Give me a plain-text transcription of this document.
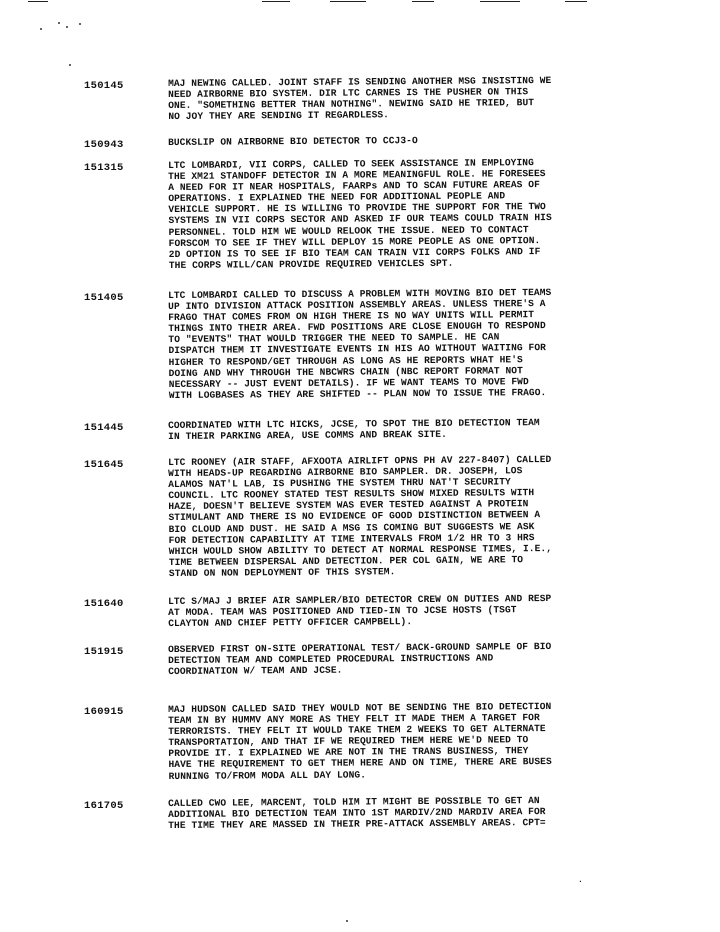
150145	MAJ NEWING CALLED. JOINT STAFF IS SENDING ANOTHER MSG INSISTING WE
NEED AIRBORNE BIO SYSTEM. DIR LTC CARNES IS THE PUSHER ON THIS
ONE. "SOMETHING BETTER THAN NOTHING". NEWING SAID HE TRIED, BUT
NO JOY THEY ARE SENDING IT REGARDLESS.
150943	BUCKSLIP ON AIRBORNE BIO DETECTOR TO CCJ3-O
151315	LTC LOMBARDI, VII CORPS, CALLED TO SEEK ASSISTANCE IN EMPLOYING
THE XM21 STANDOFF DETECTOR IN A MORE MEANINGFUL ROLE. HE FORESEES
A NEED FOR IT NEAR HOSPITALS, FAARPs AND TO SCAN FUTURE AREAS OF
OPERATIONS. I EXPLAINED THE NEED FOR ADDITIONAL PEOPLE AND
VEHICLE SUPPORT. HE IS WILLING TO PROVIDE THE SUPPORT FOR THE TWO
SYSTEMS IN VII CORPS SECTOR AND ASKED IF OUR TEAMS COULD TRAIN HIS
PERSONNEL. TOLD HIM WE WOULD RELOOK THE ISSUE. NEED TO CONTACT
FORSCOM TO SEE IF THEY WILL DEPLOY 15 MORE PEOPLE AS ONE OPTION.
2D OPTION IS TO SEE IF BIO TEAM CAN TRAIN VII CORPS FOLKS AND IF
THE CORPS WILL/CAN PROVIDE REQUIRED VEHICLES SPT.
151405	LTC LOMBARDI CALLED TO DISCUSS A PROBLEM WITH MOVING BIO DET TEAMS
UP INTO DIVISION ATTACK POSITION ASSEMBLY AREAS. UNLESS THERE'S A
FRAGO THAT COMES FROM ON HIGH THERE IS NO WAY UNITS WILL PERMIT
THINGS INTO THEIR AREA. FWD POSITIONS ARE CLOSE ENOUGH TO RESPOND
TO "EVENTS" THAT WOULD TRIGGER THE NEED TO SAMPLE. HE CAN
DISPATCH THEM IT INVESTIGATE EVENTS IN HIS AO WITHOUT WAITING FOR
HIGHER TO RESPOND/GET THROUGH AS LONG AS HE REPORTS WHAT HE'S
DOING AND WHY THROUGH THE NBCWRS CHAIN (NBC REPORT FORMAT NOT
NECESSARY -- JUST EVENT DETAILS). IF WE WANT TEAMS TO MOVE FWD
WITH LOGBASES AS THEY ARE SHIFTED -- PLAN NOW TO ISSUE THE FRAGO.
151445	COORDINATED WITH LTC HICKS, JCSE, TO SPOT THE BIO DETECTION TEAM
IN THEIR PARKING AREA, USE COMMS AND BREAK SITE.
151645	LTC ROONEY (AIR STAFF, AFXOOTA AIRLIFT OPNS PH AV 227-8407) CALLED
WITH HEADS-UP REGARDING AIRBORNE BIO SAMPLER. DR. JOSEPH, LOS
ALAMOS NAT'L LAB, IS PUSHING THE SYSTEM THRU NAT'T SECURITY
COUNCIL. LTC ROONEY STATED TEST RESULTS SHOW MIXED RESULTS WITH
HAZE, DOESN'T BELIEVE SYSTEM WAS EVER TESTED AGAINST A PROTEIN
STIMULANT AND THERE IS NO EVIDENCE OF GOOD DISTINCTION BETWEEN A
BIO CLOUD AND DUST. HE SAID A MSG IS COMING BUT SUGGESTS WE ASK
FOR DETECTION CAPABILITY AT TIME INTERVALS FROM 1/2 HR TO 3 HRS
WHICH WOULD SHOW ABILITY TO DETECT AT NORMAL RESPONSE TIMES, I.E.,
TIME BETWEEN DISPERSAL AND DETECTION. PER COL GAIN, WE ARE TO
STAND ON NON DEPLOYMENT OF THIS SYSTEM.
151640	LTC S/MAJ J BRIEF AIR SAMPLER/BIO DETECTOR CREW ON DUTIES AND RESP
AT MODA. TEAM WAS POSITIONED AND TIED-IN TO JCSE HOSTS (TSGT
CLAYTON AND CHIEF PETTY OFFICER CAMPBELL).
151915	OBSERVED FIRST ON-SITE OPERATIONAL TEST/ BACK-GROUND SAMPLE OF BIO
DETECTION TEAM AND COMPLETED PROCEDURAL INSTRUCTIONS AND
COORDINATION W/ TEAM AND JCSE.
160915	MAJ HUDSON CALLED SAID THEY WOULD NOT BE SENDING THE BIO DETECTION
TEAM IN BY HUMMV ANY MORE AS THEY FELT IT MADE THEM A TARGET FOR
TERRORISTS. THEY FELT IT WOULD TAKE THEM 2 WEEKS TO GET ALTERNATE
TRANSPORTATION, AND THAT IF WE REQUIRED THEM HERE WE'D NEED TO
PROVIDE IT. I EXPLAINED WE ARE NOT IN THE TRANS BUSINESS, THEY
HAVE THE REQUIREMENT TO GET THEM HERE AND ON TIME, THERE ARE BUSES
RUNNING TO/FROM MODA ALL DAY LONG.
161705	CALLED CWO LEE, MARCENT, TOLD HIM IT MIGHT BE POSSIBLE TO GET AN
ADDITIONAL BIO DETECTION TEAM INTO 1ST MARDIV/2ND MARDIV AREA FOR
THE TIME THEY ARE MASSED IN THEIR PRE-ATTACK ASSEMBLY AREAS. CPT=
.
